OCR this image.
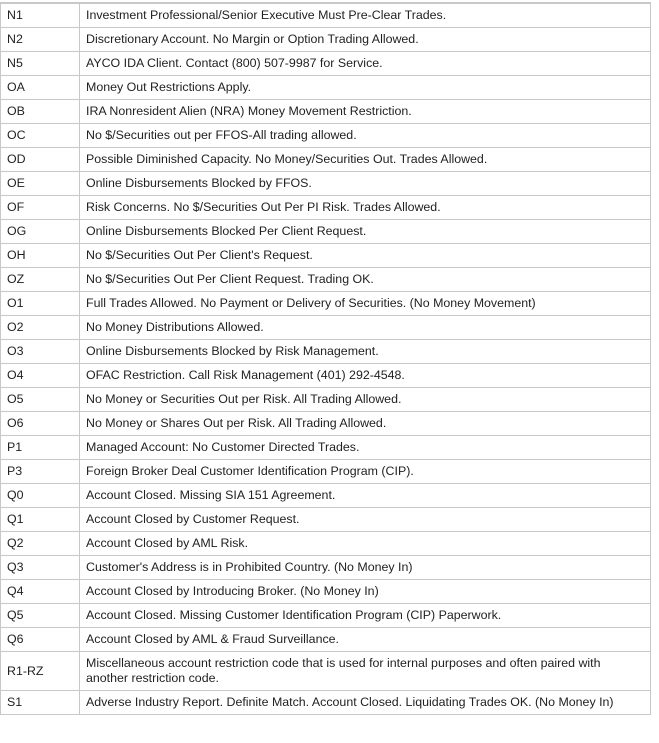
N1	Investment Professional/Senior Executive Must Pre-Clear Trades.
N2	Discretionary Account. No Margin or Option Trading Allowed.
N5	AYCO IDA Client. Contact (800) 507-9987 for Service.
OA	Money Out Restrictions Apply.
OB	IRA Nonresident Alien (NRA) Money Movement Restriction.
OC	No $/Securities out per FFOS-All trading allowed.
OD	Possible Diminished Capacity. No Money/Securities Out. Trades Allowed.
OE	Online Disbursements Blocked by FFOS.
OF	Risk Concerns. No $/Securities Out Per PI Risk. Trades Allowed.
OG	Online Disbursements Blocked Per Client Request.
OH	No $/Securities Out Per Client's Request.
OZ	No $/Securities Out Per Client Request. Trading OK.
O1	Full Trades Allowed. No Payment or Delivery of Securities. (No Money Movement)
O2	No Money Distributions Allowed.
O3	Online Disbursements Blocked by Risk Management.
O4	OFAC Restriction. Call Risk Management (401) 292-4548.
O5	No Money or Securities Out per Risk. All Trading Allowed.
O6	No Money or Shares Out per Risk. All Trading Allowed.
P1	Managed Account: No Customer Directed Trades.
P3	Foreign Broker Deal Customer Identification Program (CIP).
Q0	Account Closed. Missing SIA 151 Agreement.
Q1	Account Closed by Customer Request.
Q2	Account Closed by AML Risk.
Q3	Customer's Address is in Prohibited Country. (No Money In)
Q4	Account Closed by Introducing Broker. (No Money In)
Q5	Account Closed. Missing Customer Identification Program (CIP) Paperwork.
Q6	Account Closed by AML & Fraud Surveillance.
R1-RZ	Miscellaneous account restriction code that is used for internal purposes and often paired with another restriction code.
S1	Adverse Industry Report. Definite Match. Account Closed. Liquidating Trades OK. (No Money In)
